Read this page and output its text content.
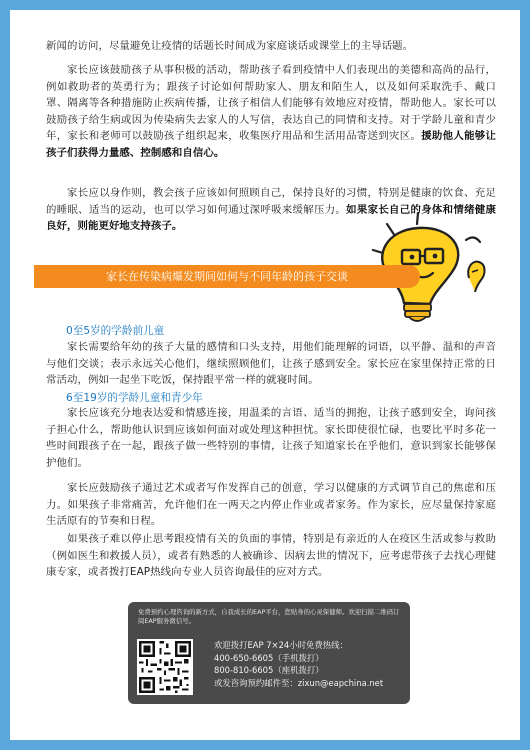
新闻的访问，尽量避免让疫情的话题长时间成为家庭谈话或课堂上的主导话题。

家长应该鼓励孩子从事积极的活动，帮助孩子看到疫情中人们表现出的美德和高尚的品行，例如救助者的英勇行为；跟孩子讨论如何帮助家人、朋友和陌生人，以及如何采取洗手、戴口罩、隔离等各种措施防止疾病传播，让孩子相信人们能够有效地应对疫情，帮助他人。家长可以鼓励孩子给生病或因为传染病失去家人的人写信，表达自己的同情和支持。对于学龄儿童和青少年，家长和老师可以鼓励孩子组织起来，收集医疗用品和生活用品寄送到灾区。援助他人能够让孩子们获得力量感、控制感和自信心。

家长应以身作则，教会孩子应该如何照顾自己，保持良好的习惯，特别是健康的饮食、充足的睡眠、适当的运动，也可以学习如何通过深呼吸来缓解压力。如果家长自己的身体和情绪健康良好，则能更好地支持孩子。

家长在传染病爆发期间如何与不同年龄的孩子交谈

0至5岁的学龄前儿童

家长需要给年幼的孩子大量的感情和口头支持，用他们能理解的词语，以平静、温和的声音与他们交谈；表示永远关心他们，继续照顾他们，让孩子感到安全。家长应在家里保持正常的日常活动，例如一起坐下吃饭，保持跟平常一样的就寝时间。

6至19岁的学龄儿童和青少年

家长应该充分地表达爱和情感连接，用温柔的言语、适当的拥抱，让孩子感到安全，询问孩子担心什么，帮助他认识到应该如何面对或处理这种担忧。家长即使很忙碌，也要比平时多花一些时间跟孩子在一起，跟孩子做一些特别的事情，让孩子知道家长在乎他们，意识到家长能够保护他们。

家长应鼓励孩子通过艺术或者写作发挥自己的创意，学习以健康的方式调节自己的焦虑和压力。如果孩子非常痛苦，允许他们在一两天之内停止作业或者家务。作为家长，应尽量保持家庭生活原有的节奏和日程。

如果孩子难以停止思考跟疫情有关的负面的事情，特别是有亲近的人在疫区生活或参与救助（例如医生和救援人员），或者有熟悉的人被确诊、因病去世的情况下，应考虑带孩子去找心理健康专家，或者拨打EAP热线向专业人员咨询最佳的应对方式。

免费预约心理咨询的新方式，自我成长的EAP平台，您贴身的心灵保健师。欢迎扫描二维码订阅EAP服务微信号。

欢迎拨打EAP 7×24小时免费热线：
400-650-6605（手机拨打）
800-810-6605（座机拨打）
或发咨询预约邮件至：zixun@eapchina.net
